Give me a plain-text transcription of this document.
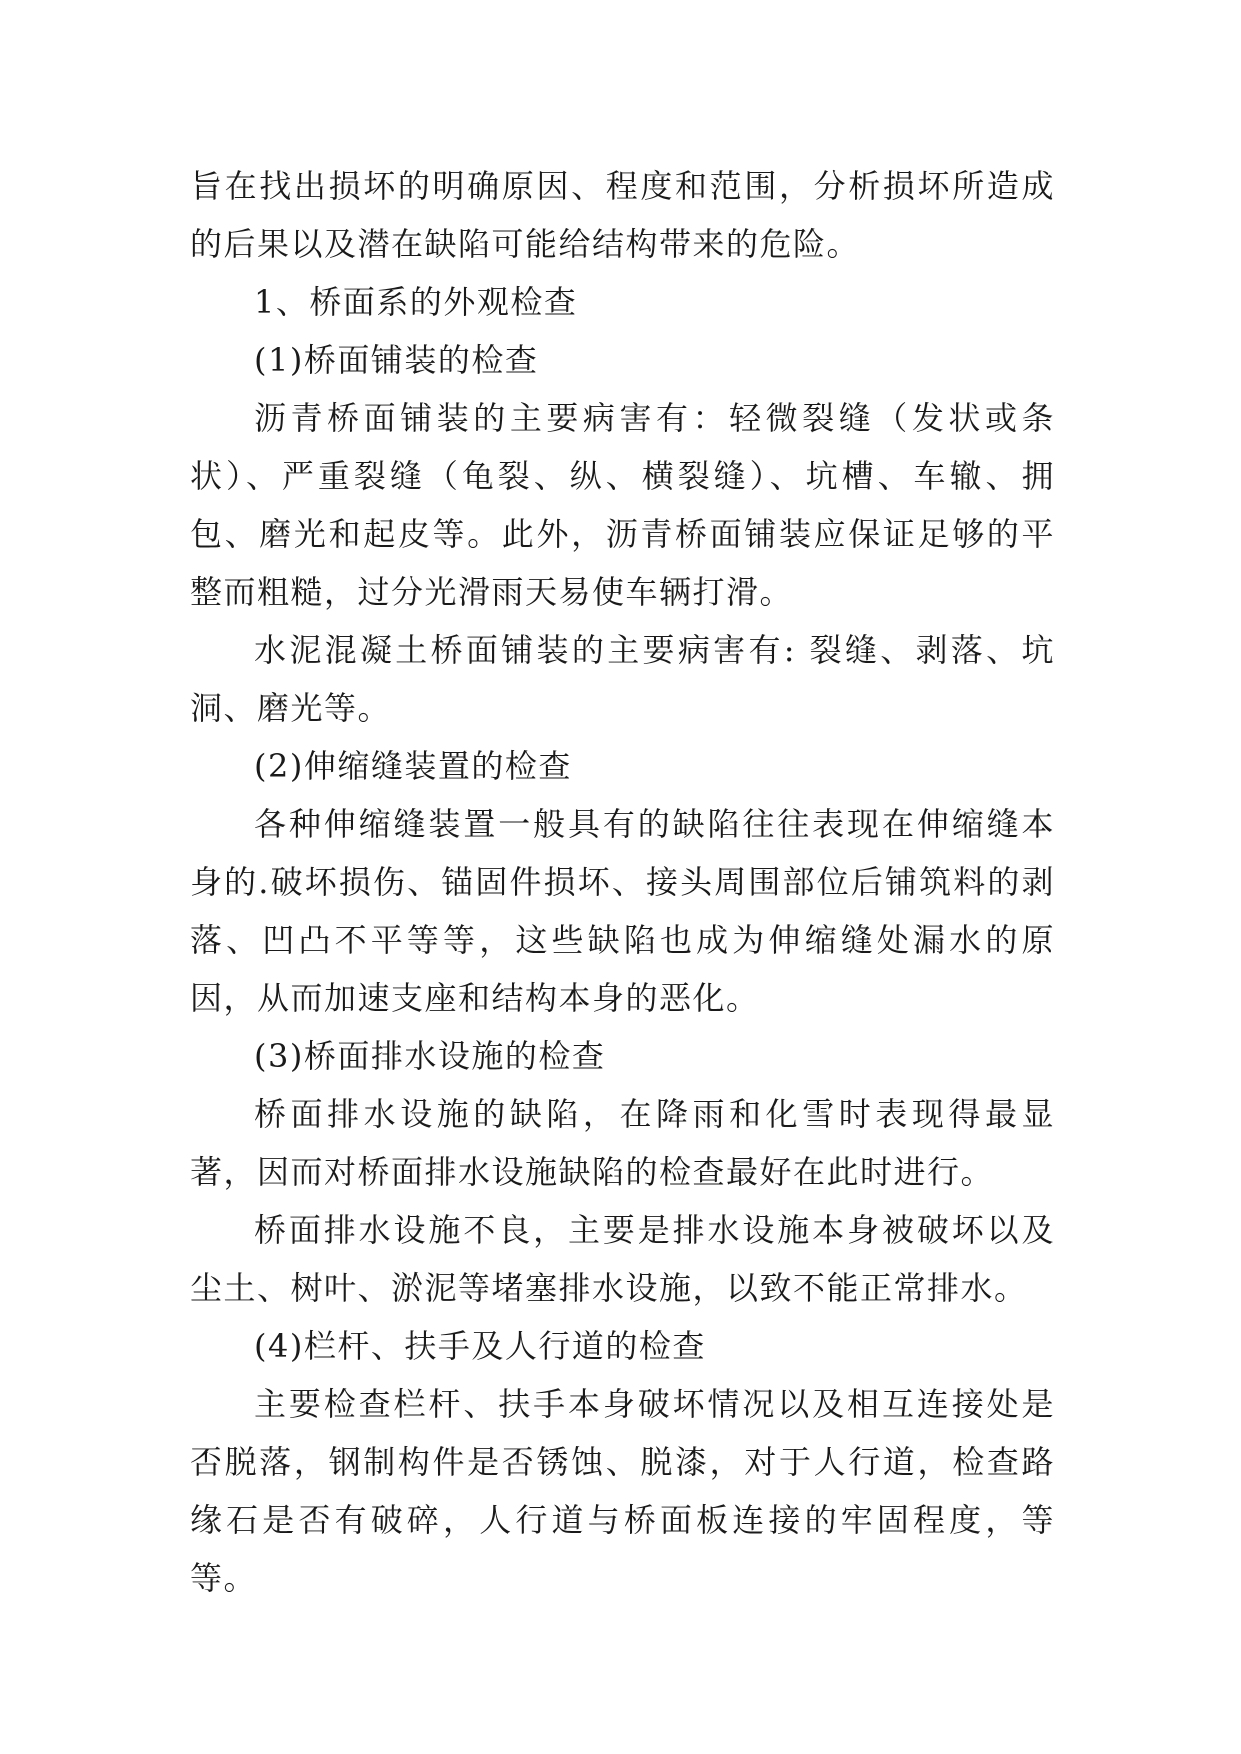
旨在找出损坏的明确原因、程度和范围，分析损坏所造成的后果以及潜在缺陷可能给结构带来的危险。

1、桥面系的外观检查

(1)桥面铺装的检查

沥青桥面铺装的主要病害有：轻微裂缝（发状或条状）、严重裂缝（龟裂、纵、横裂缝）、坑槽、车辙、拥包、磨光和起皮等。此外，沥青桥面铺装应保证足够的平整而粗糙，过分光滑雨天易使车辆打滑。

水泥混凝土桥面铺装的主要病害有: 裂缝、剥落、坑洞、磨光等。

(2)伸缩缝装置的检查

各种伸缩缝装置一般具有的缺陷往往表现在伸缩缝本身的.破坏损伤、锚固件损坏、接头周围部位后铺筑料的剥落、凹凸不平等等，这些缺陷也成为伸缩缝处漏水的原因，从而加速支座和结构本身的恶化。

(3)桥面排水设施的检查

桥面排水设施的缺陷，在降雨和化雪时表现得最显著，因而对桥面排水设施缺陷的检查最好在此时进行。

桥面排水设施不良，主要是排水设施本身被破坏以及尘土、树叶、淤泥等堵塞排水设施，以致不能正常排水。

(4)栏杆、扶手及人行道的检查

主要检查栏杆、扶手本身破坏情况以及相互连接处是否脱落，钢制构件是否锈蚀、脱漆，对于人行道，检查路缘石是否有破碎，人行道与桥面板连接的牢固程度，等等。
